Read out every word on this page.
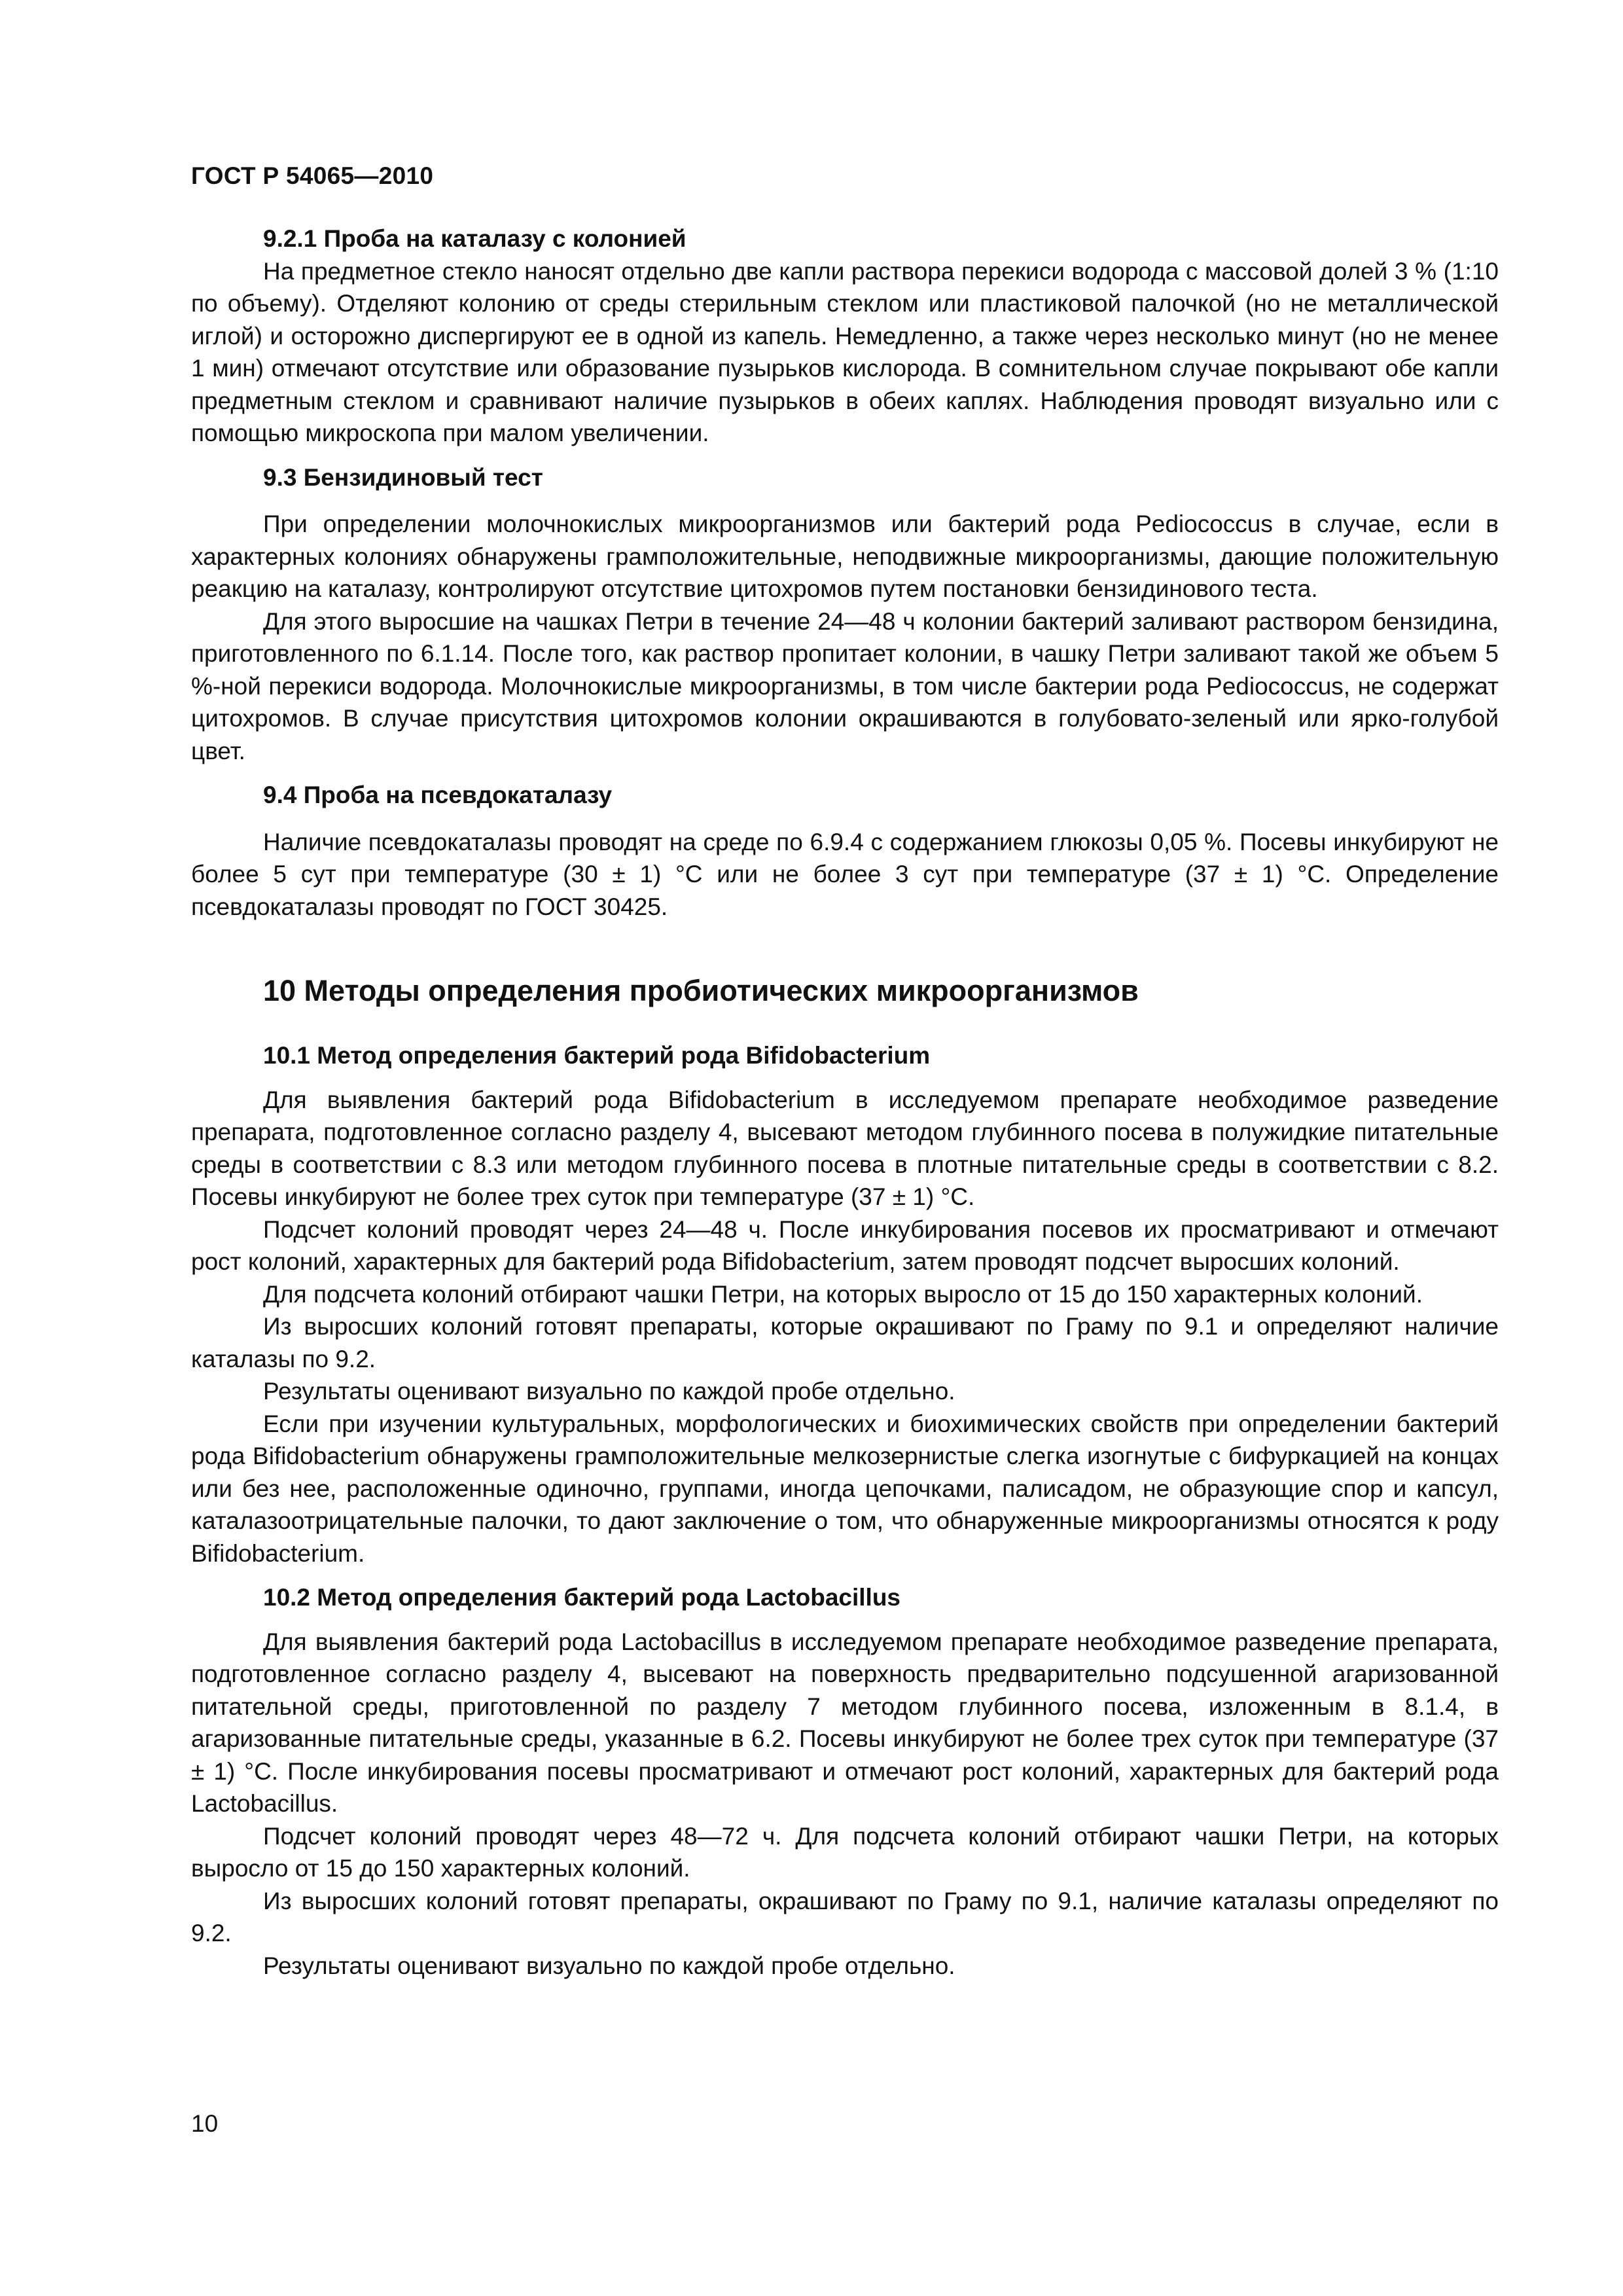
ГОСТ Р 54065—2010
9.2.1 Проба на каталазу с колонией

На предметное стекло наносят отдельно две капли раствора перекиси водорода с массовой долей 3 % (1:10 по объему). Отделяют колонию от среды стерильным стеклом или пластиковой палочкой (но не металлической иглой) и осторожно диспергируют ее в одной из капель. Немедленно, а также через несколько минут (но не менее 1 мин) отмечают отсутствие или образование пузырьков кислорода. В сомнительном случае покрывают обе капли предметным стеклом и сравнивают наличие пузырьков в обеих каплях. Наблюдения проводят визуально или с помощью микроскопа при малом увеличении.

9.3 Бензидиновый тест

При определении молочнокислых микроорганизмов или бактерий рода Pediococcus в случае, если в характерных колониях обнаружены грамположительные, неподвижные микроорганизмы, дающие положительную реакцию на каталазу, контролируют отсутствие цитохромов путем постановки бензидинового теста.

Для этого выросшие на чашках Петри в течение 24—48 ч колонии бактерий заливают раствором бензидина, приготовленного по 6.1.14. После того, как раствор пропитает колонии, в чашку Петри заливают такой же объем 5 %-ной перекиси водорода. Молочнокислые микроорганизмы, в том числе бактерии рода Pediococcus, не содержат цитохромов. В случае присутствия цитохромов колонии окрашиваются в голубовато-зеленый или ярко-голубой цвет.

9.4 Проба на псевдокаталазу

Наличие псевдокаталазы проводят на среде по 6.9.4 с содержанием глюкозы 0,05 %. Посевы инкубируют не более 5 сут при температуре (30 ± 1) °С или не более 3 сут при температуре (37 ± 1) °С. Определение псевдокаталазы проводят по ГОСТ 30425.

10 Методы определения пробиотических микроорганизмов
10.1 Метод определения бактерий рода Bifidobacterium

Для выявления бактерий рода Bifidobacterium в исследуемом препарате необходимое разведение препарата, подготовленное согласно разделу 4, высевают методом глубинного посева в полужидкие питательные среды в соответствии с 8.3 или методом глубинного посева в плотные питательные среды в соответствии с 8.2. Посевы инкубируют не более трех суток при температуре (37 ± 1) °С.

Подсчет колоний проводят через 24—48 ч. После инкубирования посевов их просматривают и отмечают рост колоний, характерных для бактерий рода Bifidobacterium, затем проводят подсчет выросших колоний.

Для подсчета колоний отбирают чашки Петри, на которых выросло от 15 до 150 характерных колоний.

Из выросших колоний готовят препараты, которые окрашивают по Граму по 9.1 и определяют наличие каталазы по 9.2.

Результаты оценивают визуально по каждой пробе отдельно.

Если при изучении культуральных, морфологических и биохимических свойств при определении бактерий рода Bifidobacterium обнаружены грамположительные мелкозернистые слегка изогнутые с бифуркацией на концах или без нее, расположенные одиночно, группами, иногда цепочками, палисадом, не образующие спор и капсул, каталазоотрицательные палочки, то дают заключение о том, что обнаруженные микроорганизмы относятся к роду Bifidobacterium.

10.2 Метод определения бактерий рода Lactobacillus

Для выявления бактерий рода Lactobacillus в исследуемом препарате необходимое разведение препарата, подготовленное согласно разделу 4, высевают на поверхность предварительно подсушенной агаризованной питательной среды, приготовленной по разделу 7 методом глубинного посева, изложенным в 8.1.4, в агаризованные питательные среды, указанные в 6.2. Посевы инкубируют не более трех суток при температуре (37 ± 1) °С. После инкубирования посевы просматривают и отмечают рост колоний, характерных для бактерий рода Lactobacillus.

Подсчет колоний проводят через 48—72 ч. Для подсчета колоний отбирают чашки Петри, на которых выросло от 15 до 150 характерных колоний.

Из выросших колоний готовят препараты, окрашивают по Граму по 9.1, наличие каталазы определяют по 9.2.

Результаты оценивают визуально по каждой пробе отдельно.

10
